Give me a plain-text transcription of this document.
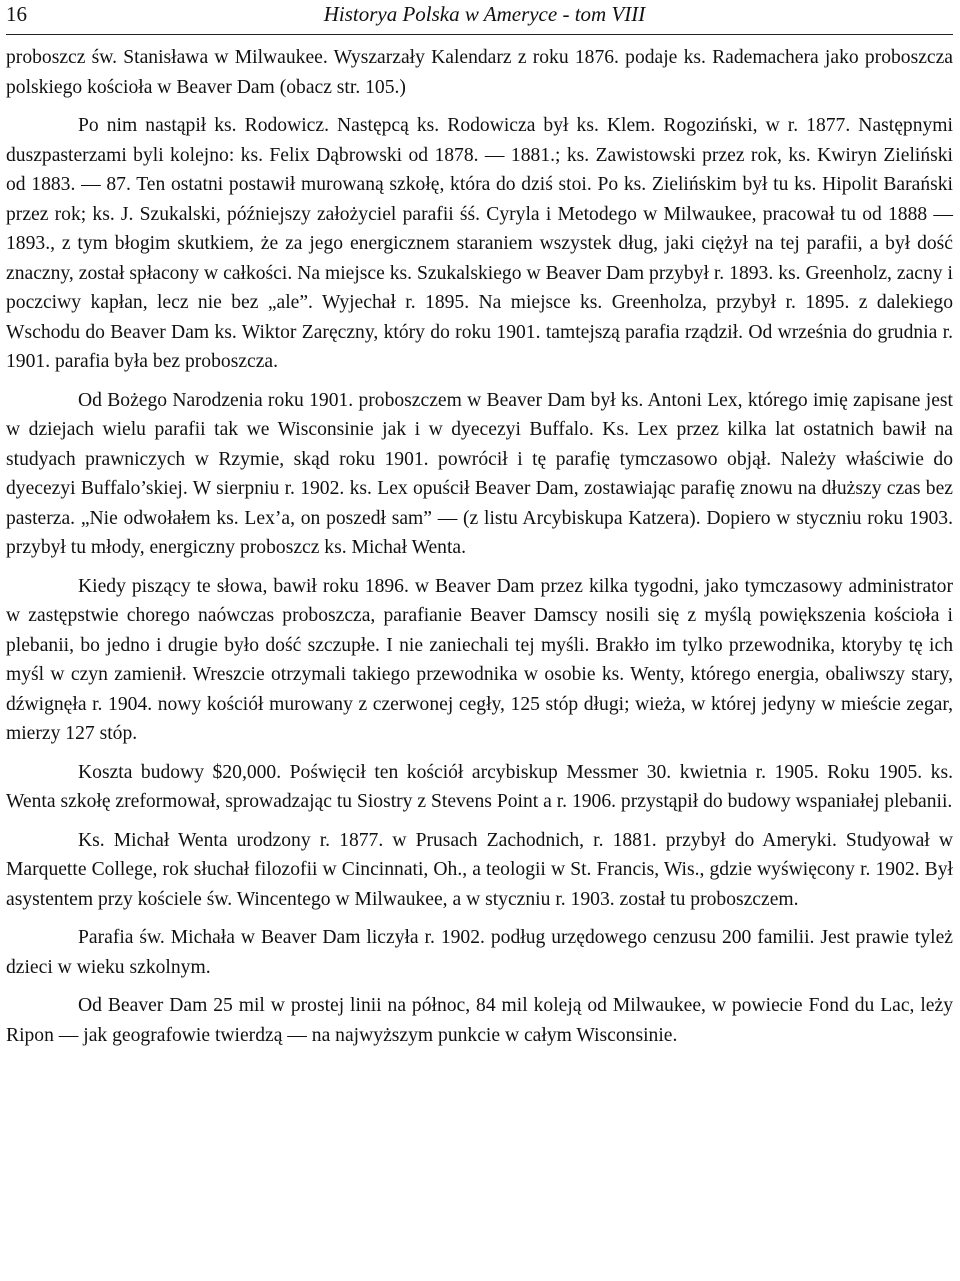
16	Historya Polska w Ameryce - tom VIII

proboszcz św. Stanisława w Milwaukee. Wyszarzały Kalendarz z roku 1876. podaje ks. Rademachera jako proboszcza polskiego kościoła w Beaver Dam (obacz str. 105.)

Po nim nastąpił ks. Rodowicz. Następcą ks. Rodowicza był ks. Klem. Rogoziński, w r. 1877. Następnymi duszpasterzami byli kolejno: ks. Felix Dąbrowski od 1878. — 1881.; ks. Zawistowski przez rok, ks. Kwiryn Zieliński od 1883. — 87. Ten ostatni postawił murowaną szkołę, która do dziś stoi. Po ks. Zielińskim był tu ks. Hipolit Barański przez rok; ks. J. Szukalski, późniejszy założyciel parafii śś. Cyryla i Metodego w Milwaukee, pracował tu od 1888 — 1893., z tym błogim skutkiem, że za jego energicznem staraniem wszystek dług, jaki ciężył na tej parafii, a był dość znaczny, został spłacony w całkości. Na miejsce ks. Szukalskiego w Beaver Dam przybył r. 1893. ks. Greenholz, zacny i poczciwy kapłan, lecz nie bez „ale”. Wyjechał r. 1895. Na miejsce ks. Greenholza, przybył r. 1895. z dalekiego Wschodu do Beaver Dam ks. Wiktor Zaręczny, który do roku 1901. tamtejszą parafia rządził. Od września do grudnia r. 1901. parafia była bez proboszcza.

Od Bożego Narodzenia roku 1901. proboszczem w Beaver Dam był ks. Antoni Lex, którego imię zapisane jest w dziejach wielu parafii tak we Wisconsinie jak i w dyecezyi Buffalo. Ks. Lex przez kilka lat ostatnich bawił na studyach prawniczych w Rzymie, skąd roku 1901. powrócił i tę parafię tymczasowo objął. Należy właściwie do dyecezyi Buffalo’skiej. W sierpniu r. 1902. ks. Lex opuścił Beaver Dam, zostawiając parafię znowu na dłuższy czas bez pasterza. „Nie odwołałem ks. Lex’a, on poszedł sam” — (z listu Arcybiskupa Katzera). Dopiero w styczniu roku 1903. przybył tu młody, energiczny proboszcz ks. Michał Wenta.

Kiedy piszący te słowa, bawił roku 1896. w Beaver Dam przez kilka tygodni, jako tymczasowy administrator w zastępstwie chorego naówczas proboszcza, parafianie Beaver Damscy nosili się z myślą powiększenia kościoła i plebanii, bo jedno i drugie było dość szczupłe. I nie zaniechali tej myśli. Brakło im tylko przewodnika, ktoryby tę ich myśl w czyn zamienił. Wreszcie otrzymali takiego przewodnika w osobie ks. Wenty, którego energia, obaliwszy stary, dźwignęła r. 1904. nowy kościół murowany z czerwonej cegły, 125 stóp długi; wieża, w której jedyny w mieście zegar, mierzy 127 stóp.

Koszta budowy $20,000. Poświęcił ten kościół arcybiskup Messmer 30. kwietnia r. 1905. Roku 1905. ks. Wenta szkołę zreformował, sprowadzając tu Siostry z Stevens Point a r. 1906. przystąpił do budowy wspaniałej plebanii.

Ks. Michał Wenta urodzony r. 1877. w Prusach Zachodnich, r. 1881. przybył do Ameryki. Studyował w Marquette College, rok słuchał filozofii w Cincinnati, Oh., a teologii w St. Francis, Wis., gdzie wyświęcony r. 1902. Był asystentem przy kościele św. Wincentego w Milwaukee, a w styczniu r. 1903. został tu proboszczem.

Parafia św. Michała w Beaver Dam liczyła r. 1902. podług urzędowego cenzusu 200 familii. Jest prawie tyleż dzieci w wieku szkolnym.

Od Beaver Dam 25 mil w prostej linii na północ, 84 mil koleją od Milwaukee, w powiecie Fond du Lac, leży Ripon — jak geografowie twierdzą — na najwyższym punkcie w całym Wisconsinie.
